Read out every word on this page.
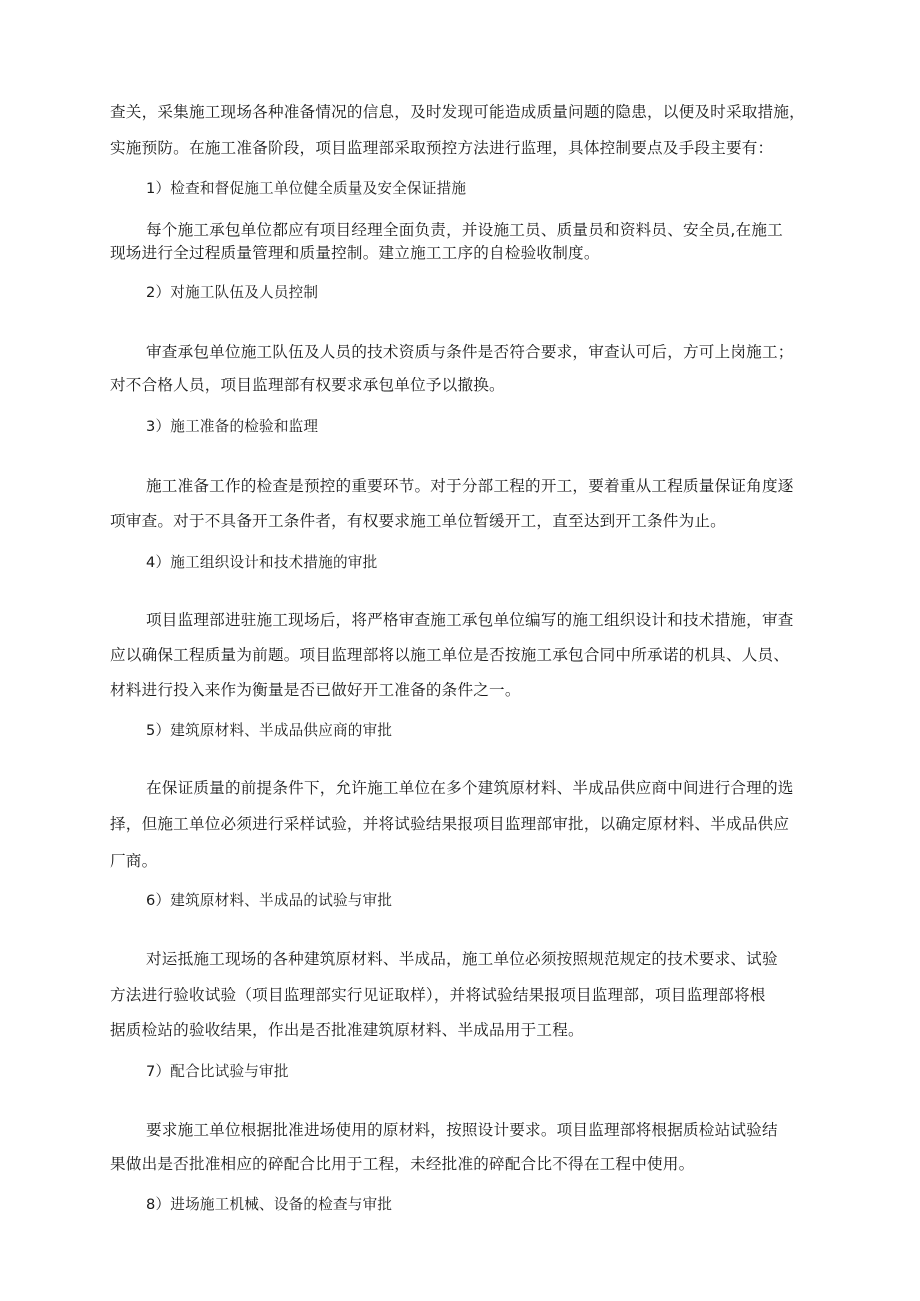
查关，采集施工现场各种准备情况的信息，及时发现可能造成质量问题的隐患，以便及时采取措施，
实施预防。在施工准备阶段，项目监理部采取预控方法进行监理，具体控制要点及手段主要有：
1）检查和督促施工单位健全质量及安全保证措施
每个施工承包单位都应有项目经理全面负责，并设施工员、质量员和资料员、安全员,在施工
现场进行全过程质量管理和质量控制。建立施工工序的自检验收制度。
2）对施工队伍及人员控制
审查承包单位施工队伍及人员的技术资质与条件是否符合要求，审查认可后，方可上岗施工；
对不合格人员，项目监理部有权要求承包单位予以撤换。
3）施工准备的检验和监理
施工准备工作的检查是预控的重要环节。对于分部工程的开工，要着重从工程质量保证角度逐
项审查。对于不具备开工条件者，有权要求施工单位暂缓开工，直至达到开工条件为止。
4）施工组织设计和技术措施的审批
项目监理部进驻施工现场后，将严格审查施工承包单位编写的施工组织设计和技术措施，审查
应以确保工程质量为前题。项目监理部将以施工单位是否按施工承包合同中所承诺的机具、人员、
材料进行投入来作为衡量是否已做好开工准备的条件之一。
5）建筑原材料、半成品供应商的审批
在保证质量的前提条件下，允许施工单位在多个建筑原材料、半成品供应商中间进行合理的选
择，但施工单位必须进行采样试验，并将试验结果报项目监理部审批，以确定原材料、半成品供应
厂商。
6）建筑原材料、半成品的试验与审批
对运抵施工现场的各种建筑原材料、半成品，施工单位必须按照规范规定的技术要求、试验
方法进行验收试验（项目监理部实行见证取样），并将试验结果报项目监理部，项目监理部将根
据质检站的验收结果，作出是否批准建筑原材料、半成品用于工程。
7）配合比试验与审批
要求施工单位根据批准进场使用的原材料，按照设计要求。项目监理部将根据质检站试验结
果做出是否批准相应的碎配合比用于工程，未经批准的碎配合比不得在工程中使用。
8）进场施工机械、设备的检查与审批
